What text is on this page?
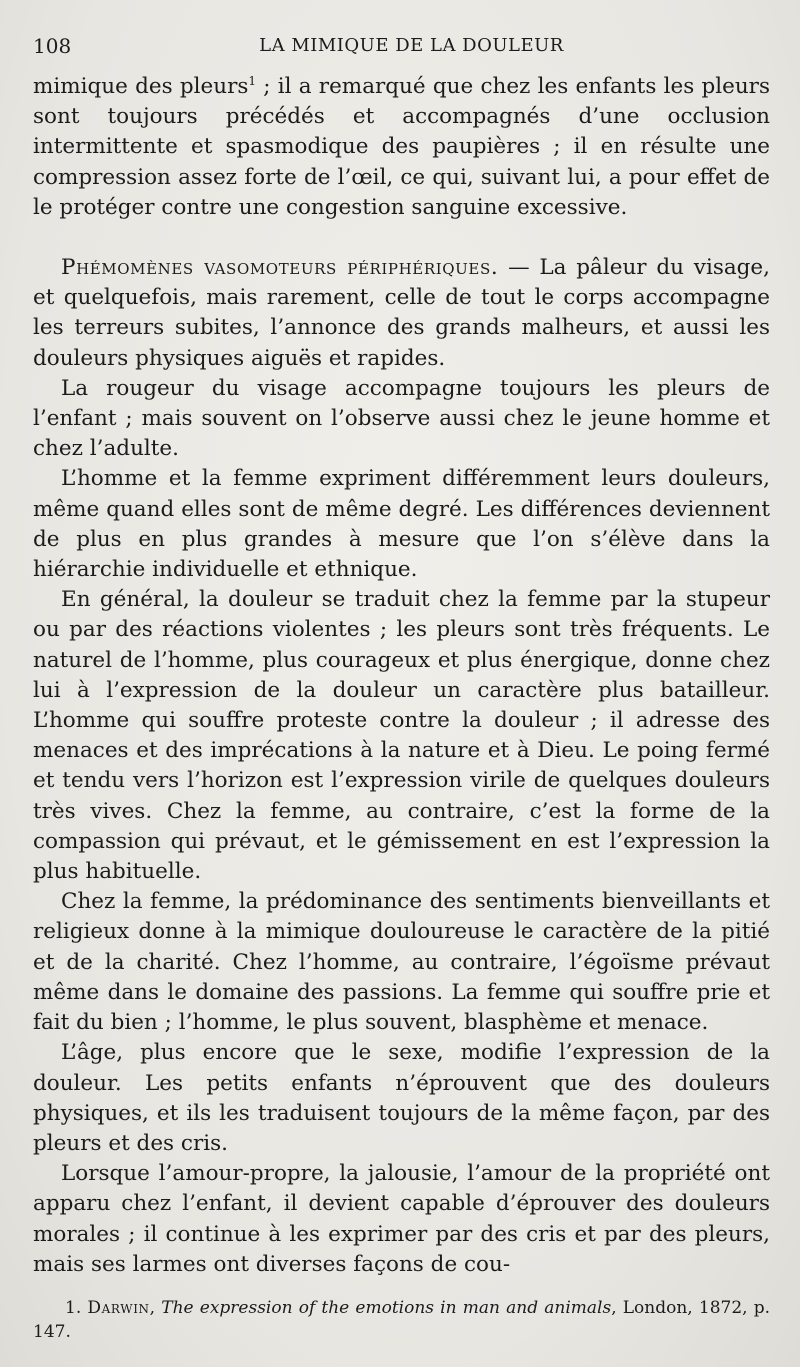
108	LA MIMIQUE DE LA DOULEUR

mimique des pleurs$^1$ ; il a remarqué que chez les enfants les pleurs sont toujours précédés et accompagnés d’une occlusion intermittente et spasmodique des paupières ; il en résulte une compression assez forte de l’œil, ce qui, suivant lui, a pour effet de le protéger contre une congestion sanguine excessive.

Phémomènes vasomoteurs périphériques. — La pâleur du visage, et quelquefois, mais rarement, celle de tout le corps accompagne les terreurs subites, l’annonce des grands malheurs, et aussi les douleurs physiques aiguës et rapides.

La rougeur du visage accompagne toujours les pleurs de l’enfant ; mais souvent on l’observe aussi chez le jeune homme et chez l’adulte.

L’homme et la femme expriment différemment leurs douleurs, même quand elles sont de même degré. Les différences deviennent de plus en plus grandes à mesure que l’on s’élève dans la hiérarchie individuelle et ethnique.

En général, la douleur se traduit chez la femme par la stupeur ou par des réactions violentes ; les pleurs sont très fréquents. Le naturel de l’homme, plus courageux et plus énergique, donne chez lui à l’expression de la douleur un caractère plus batailleur. L’homme qui souffre proteste contre la douleur ; il adresse des menaces et des imprécations à la nature et à Dieu. Le poing fermé et tendu vers l’horizon est l’expression virile de quelques douleurs très vives. Chez la femme, au contraire, c’est la forme de la compassion qui prévaut, et le gémissement en est l’expression la plus habituelle.

Chez la femme, la prédominance des sentiments bienveillants et religieux donne à la mimique douloureuse le caractère de la pitié et de la charité. Chez l’homme, au contraire, l’égoïsme prévaut même dans le domaine des passions. La femme qui souffre prie et fait du bien ; l’homme, le plus souvent, blasphème et menace.

L’âge, plus encore que le sexe, modifie l’expression de la douleur. Les petits enfants n’éprouvent que des douleurs physiques, et ils les traduisent toujours de la même façon, par des pleurs et des cris.

Lorsque l’amour-propre, la jalousie, l’amour de la propriété ont apparu chez l’enfant, il devient capable d’éprouver des douleurs morales ; il continue à les exprimer par des cris et par des pleurs, mais ses larmes ont diverses façons de cou-

1. Darwin, The expression of the emotions in man and animals, London, 1872, p. 147.
